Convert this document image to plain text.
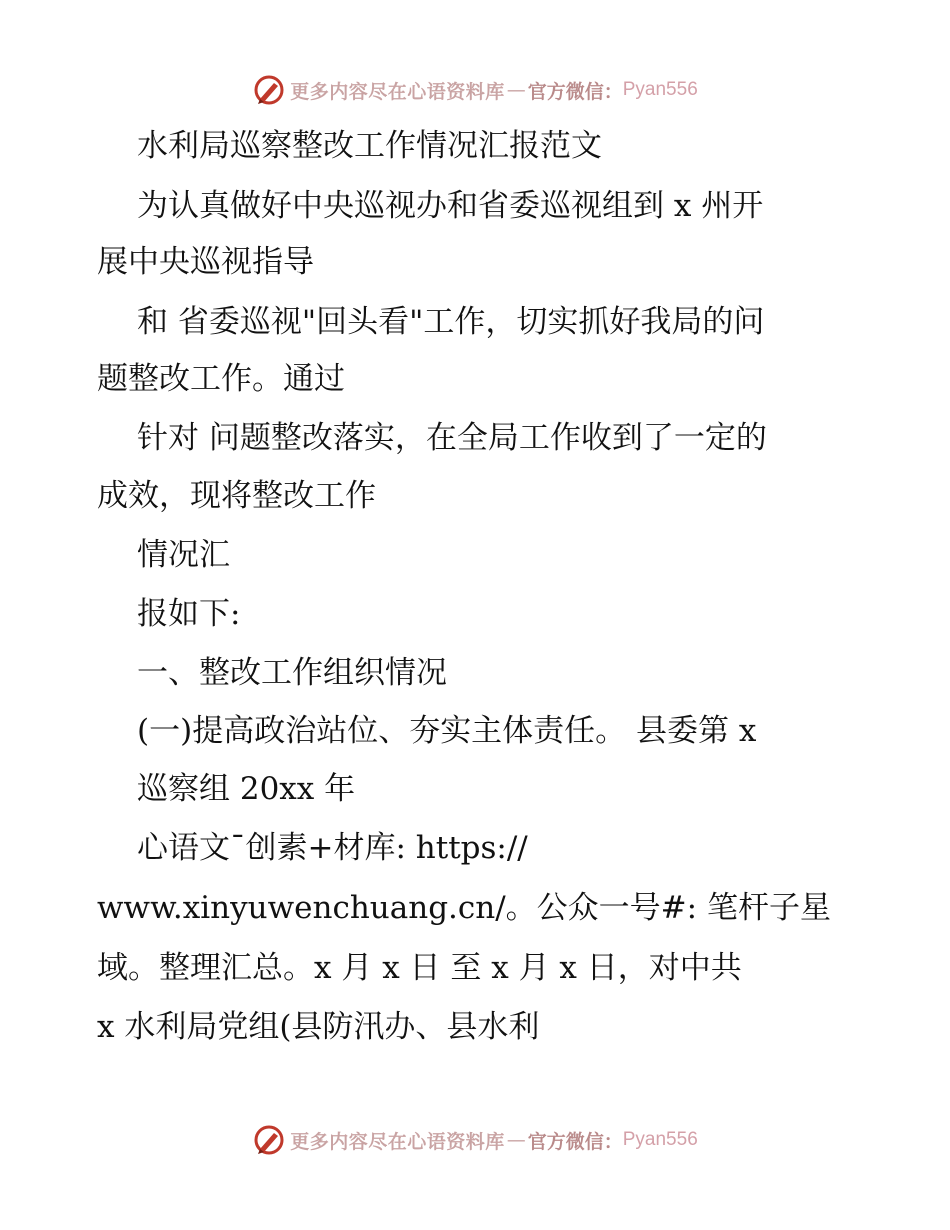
更多内容尽在心语资料库 — 官方微信： Pyan556
水利局巡察整改工作情况汇报范文
为认真做好中央巡视办和省委巡视组到 x 州开
展中央巡视指导
和 省委巡视"回头看"工作，切实抓好我局的问
题整改工作。通过
针对 问题整改落实，在全局工作收到了一定的
成效，现将整改工作
情况汇
报如下:
一、整改工作组织情况
(一)提高政治站位、夯实主体责任。 县委第 x
巡察组 20xx 年
心语文¯创素+材库: https://
www.xinyuwenchuang.cn/。公众一号#: 笔杆子星
域。整理汇总。x 月 x 日 至 x 月 x 日，对中共
x 水利局党组(县防汛办、县水利
更多内容尽在心语资料库 — 官方微信： Pyan556
